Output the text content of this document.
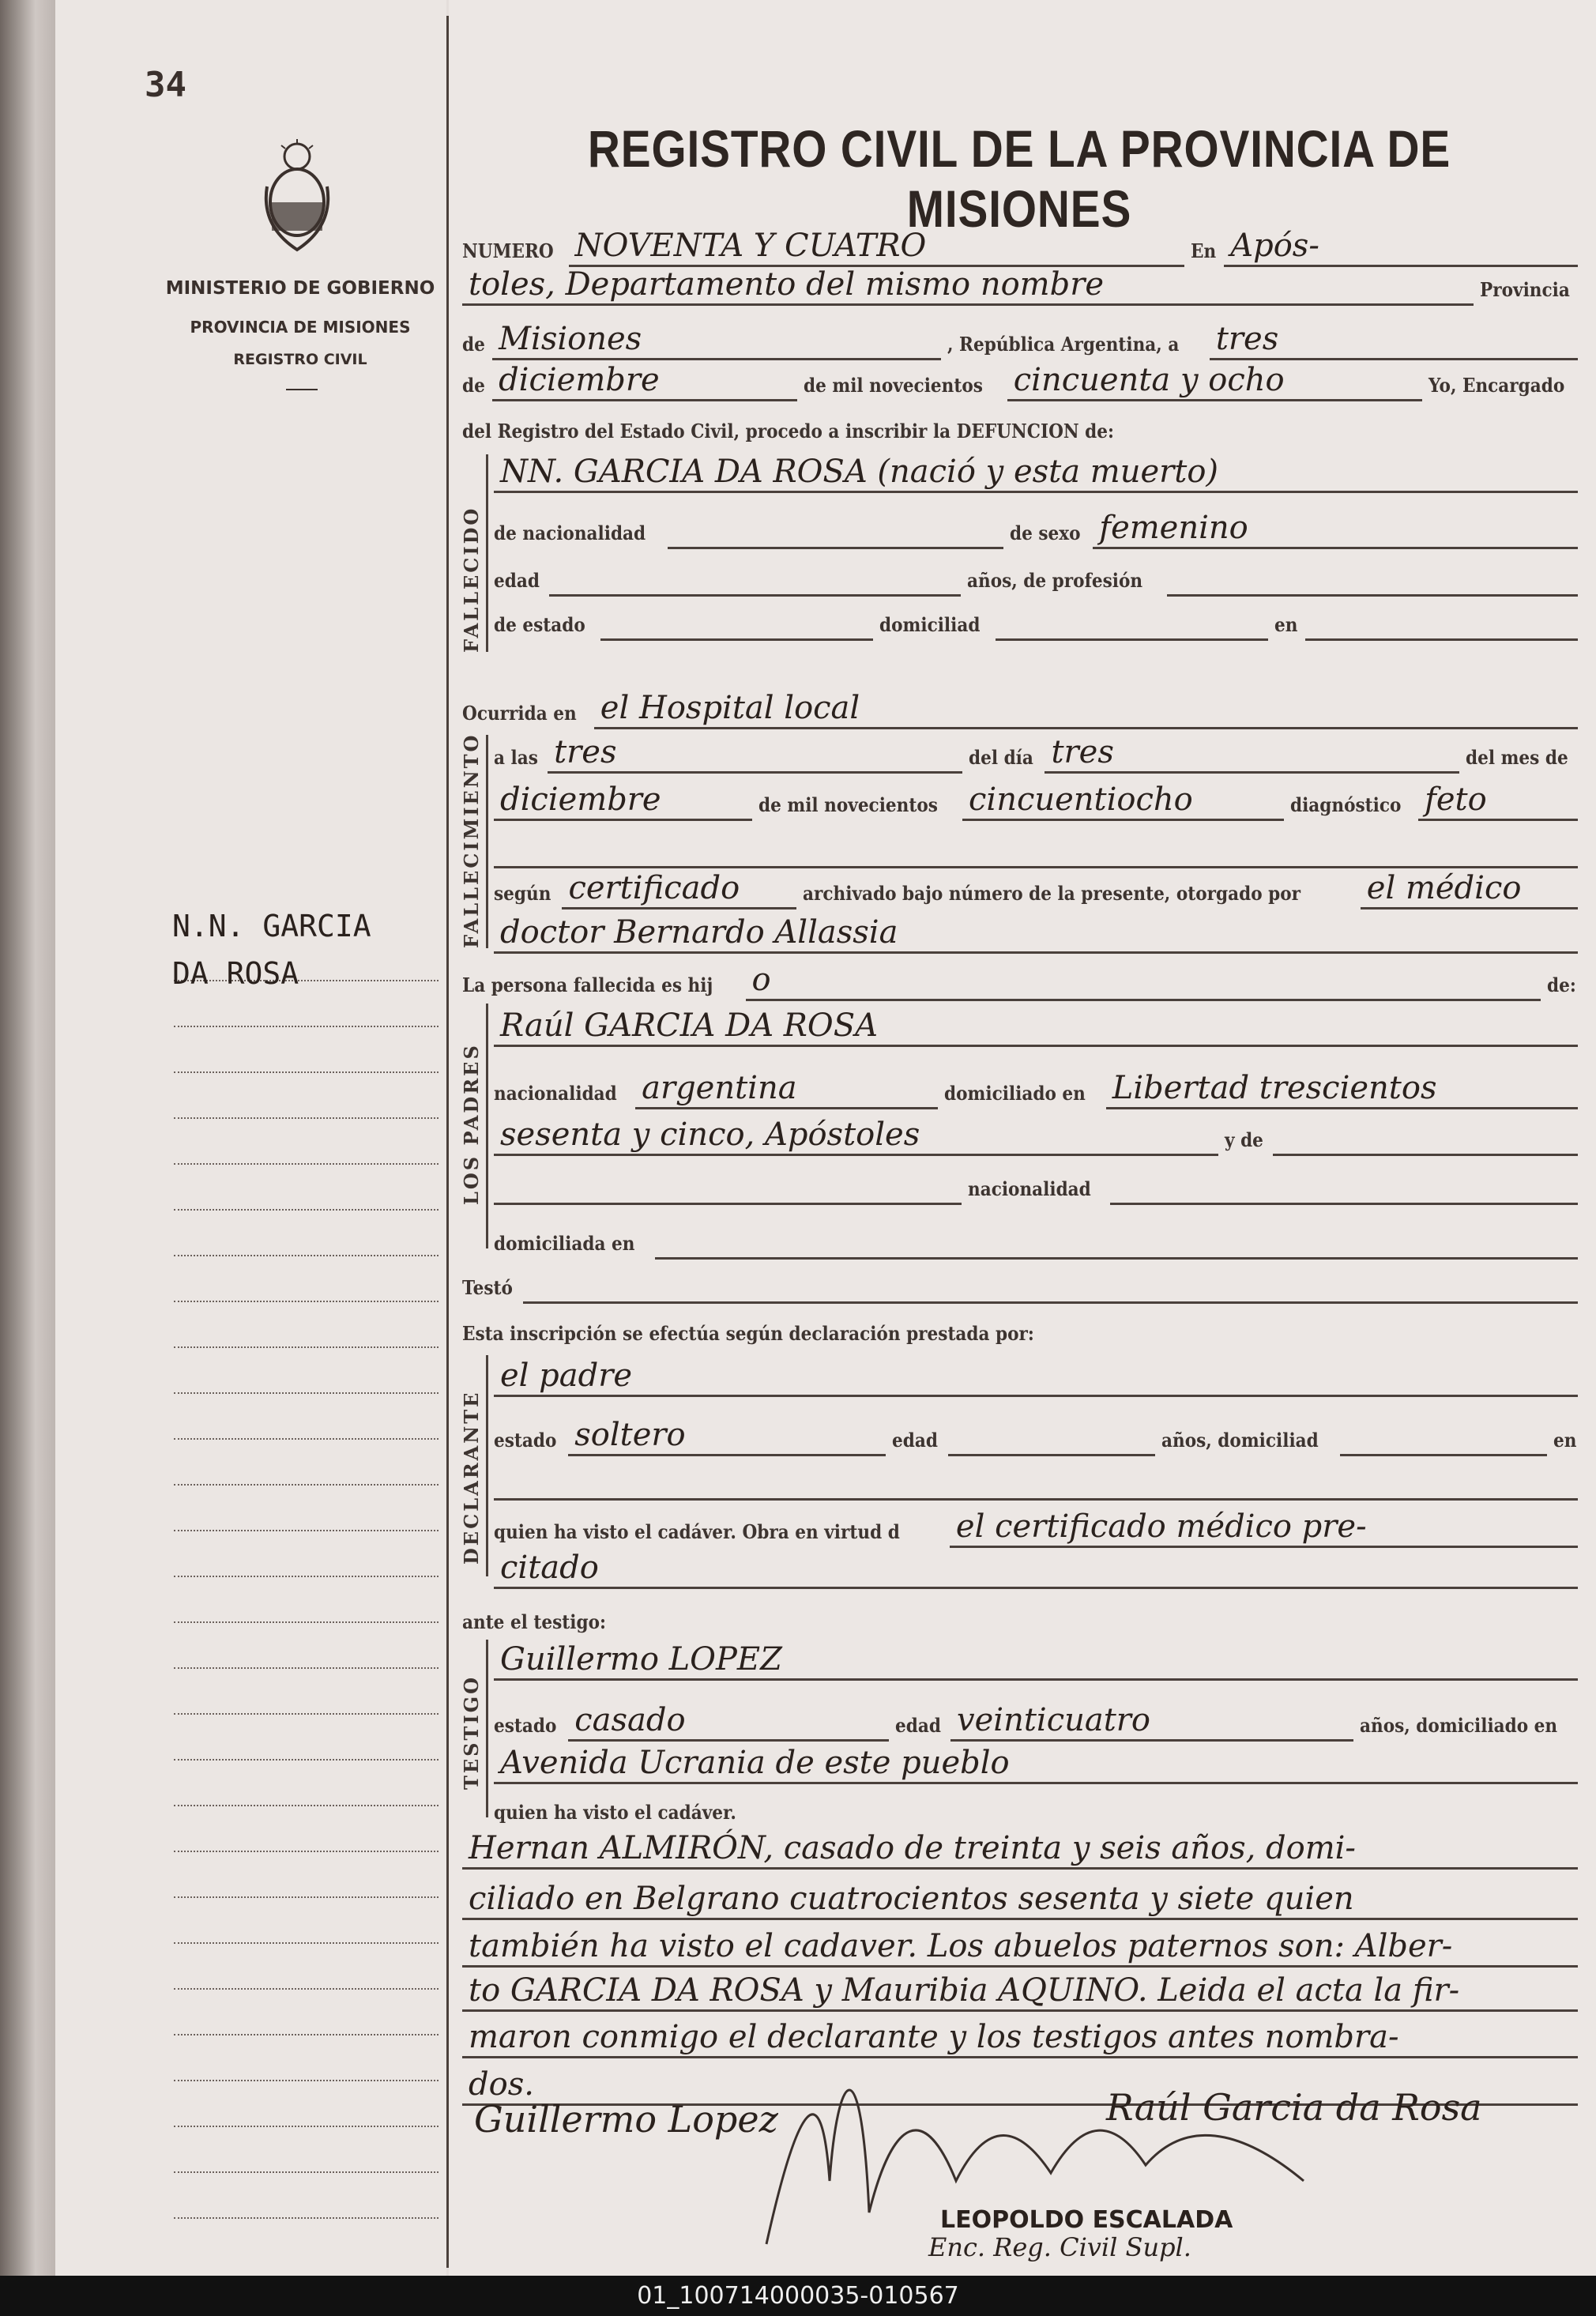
34
MINISTERIO DE GOBIERNO
PROVINCIA DE MISIONES
REGISTRO CIVIL
REGISTRO CIVIL DE LA PROVINCIA DE MISIONES
N.N. GARCIA
DA ROSA
FALLECIDO
FALLECIMIENTO
LOS PADRES
DECLARANTE
TESTIGO
NUMERO NOVENTA Y CUATRO	En Após-
toles, Departamento del mismo nombre	Provincia
de Misiones	, República Argentina, a tres
de diciembre	de mil novecientos cincuenta y ocho	Yo, Encargado
del Registro del Estado Civil, procedo a inscribir la DEFUNCION de:
NN. GARCIA DA ROSA (nació y esta muerto)
de nacionalidad	de sexo femenino
edad	años, de profesión
de estado	domiciliad	en
Ocurrida en el Hospital local
a las tres	del día tres	del mes de
diciembre	de mil novecientos cincuentiocho	diagnóstico feto
según certificado	archivado bajo número de la presente, otorgado por el médico
doctor Bernardo Allassia
La persona fallecida es hij o	de:
Raúl GARCIA DA ROSA
nacionalidad argentina	domiciliado en Libertad trescientos
sesenta y cinco, Apóstoles	y de
nacionalidad
domiciliada en
Testó
Esta inscripción se efectúa según declaración prestada por:
el padre
estado soltero	edad	años, domiciliad	en
quien ha visto el cadáver. Obra en virtud d el certificado médico pre-
citado
ante el testigo:
Guillermo LOPEZ
estado casado	edad veinticuatro	años, domiciliado en
Avenida Ucrania de este pueblo
quien ha visto el cadáver.
Hernan ALMIRÓN, casado de treinta y seis años, domi-
ciliado en Belgrano cuatrocientos sesenta y siete quien
también ha visto el cadaver. Los abuelos paternos son: Alber-
to GARCIA DA ROSA y Mauribia AQUINO. Leida el acta la fir-
maron conmigo el declarante y los testigos antes nombra-
dos.
Guillermo Lopez	Raúl Garcia da Rosa
LEOPOLDO ESCALADA
Enc. Reg. Civil Supl.
01_100714000035-010567
